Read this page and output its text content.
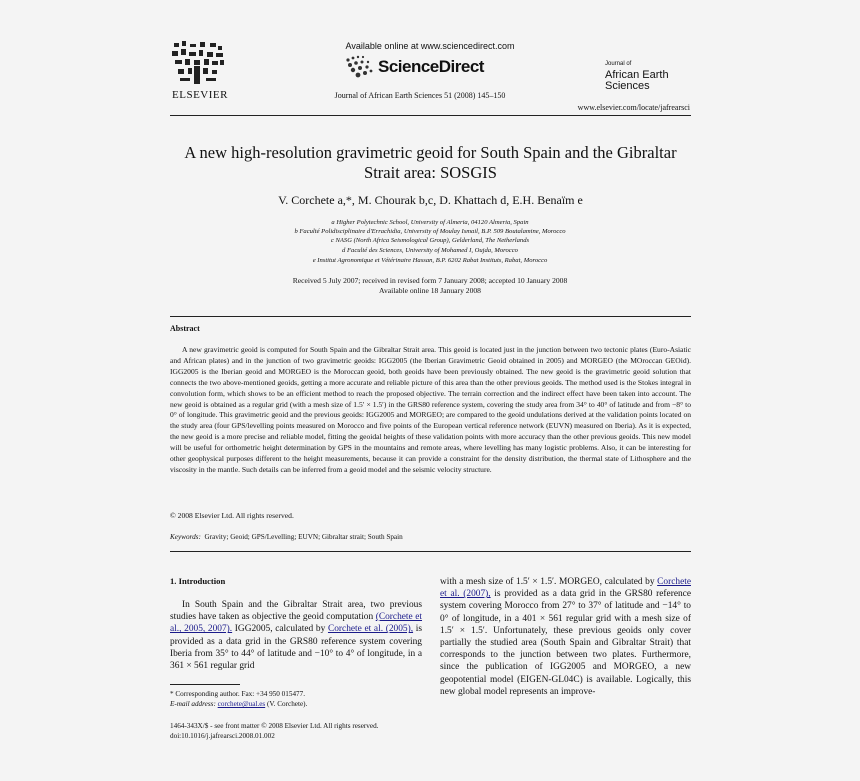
ELSEVIER
Available online at www.sciencedirect.com
ScienceDirect
Journal of African Earth Sciences 51 (2008) 145–150
Journal of
African Earth Sciences
www.elsevier.com/locate/jafrearsci
A new high-resolution gravimetric geoid for South Spain and the Gibraltar Strait area: SOSGIS
V. Corchete a,*, M. Chourak b,c, D. Khattach d, E.H. Benaïm e
a Higher Polytechnic School, University of Almeria, 04120 Almeria, Spain
b Faculté Polidisciplinaire d'Errachidia, University of Moulay Ismail, B.P. 509 Boutalamine, Morocco
c NASG (North Africa Seismological Group), Gelderland, The Netherlands
d Faculté des Sciences, University of Mohamed I, Oujda, Morocco
e Institut Agronomique et Vétérinaire Hassan, B.P. 6202 Rabat Instituts, Rabat, Morocco
Received 5 July 2007; received in revised form 7 January 2008; accepted 10 January 2008
Available online 18 January 2008
Abstract
A new gravimetric geoid is computed for South Spain and the Gibraltar Strait area. This geoid is located just in the junction between two tectonic plates (Euro-Asiatic and African plates) and in the junction of two gravimetric geoids: IGG2005 (the Iberian Gravimetric Geoid obtained in 2005) and MORGEO (the MOroccan GEOid). IGG2005 is the Iberian geoid and MORGEO is the Moroccan geoid, both geoids have been previously obtained. The new geoid is the gravimetric geoid solution that connects the two above-mentioned geoids, getting a more accurate and reliable picture of this area than the other previous geoids. The method used is the Stokes integral in convolution form, which shows to be an efficient method to reach the proposed objective. The terrain correction and the indirect effect have been taken into account. The new geoid is obtained as a regular grid (with a mesh size of 1.5′ × 1.5′) in the GRS80 reference system, covering the study area from 34° to 40° of latitude and from −8° to 0° of longitude. This gravimetric geoid and the previous geoids: IGG2005 and MORGEO; are compared to the geoid undulations derived at the validation points located on the study area (four GPS/levelling points measured on Morocco and five points of the European vertical reference network (EUVN) measured on Iberia). As it is expected, the new geoid is a more precise and reliable model, fitting the geoidal heights of these validation points with more accuracy than the other previous geoids. This new model will be useful for orthometric height determination by GPS in the mountains and remote areas, where levelling has many logistic problems. Also, it can be interesting for other geophysical purposes different to the height measurements, because it can provide a constraint for the density distribution, the thermal state of Lithosphere and the viscosity in the mantle. Such details can be inferred from a geoid model and the seismic velocity structure.
© 2008 Elsevier Ltd. All rights reserved.
Keywords: Gravity; Geoid; GPS/Levelling; EUVN; Gibraltar strait; South Spain
1. Introduction
In South Spain and the Gibraltar Strait area, two previous studies have taken as objective the geoid computation (Corchete et al., 2005, 2007). IGG2005, calculated by Corchete et al. (2005), is provided as a data grid in the GRS80 reference system covering Iberia from 35° to 44° of latitude and −10° to 4° of longitude, in a 361 × 561 regular grid
with a mesh size of 1.5′ × 1.5′. MORGEO, calculated by Corchete et al. (2007), is provided as a data grid in the GRS80 reference system covering Morocco from 27° to 37° of latitude and −14° to 0° of longitude, in a 401 × 561 regular grid with a mesh size of 1.5′ × 1.5′. Unfortunately, these previous geoids only cover partially the studied area (South Spain and Gibraltar Strait) that corresponds to the junction between two plates. Furthermore, since the publication of IGG2005 and MORGEO, a new geopotential model (EIGEN-GL04C) is available. Logically, this new global model represents an improve-
* Corresponding author. Fax: +34 950 015477.
E-mail address: corchete@ual.es (V. Corchete).
1464-343X/$ - see front matter © 2008 Elsevier Ltd. All rights reserved.
doi:10.1016/j.jafrearsci.2008.01.002
